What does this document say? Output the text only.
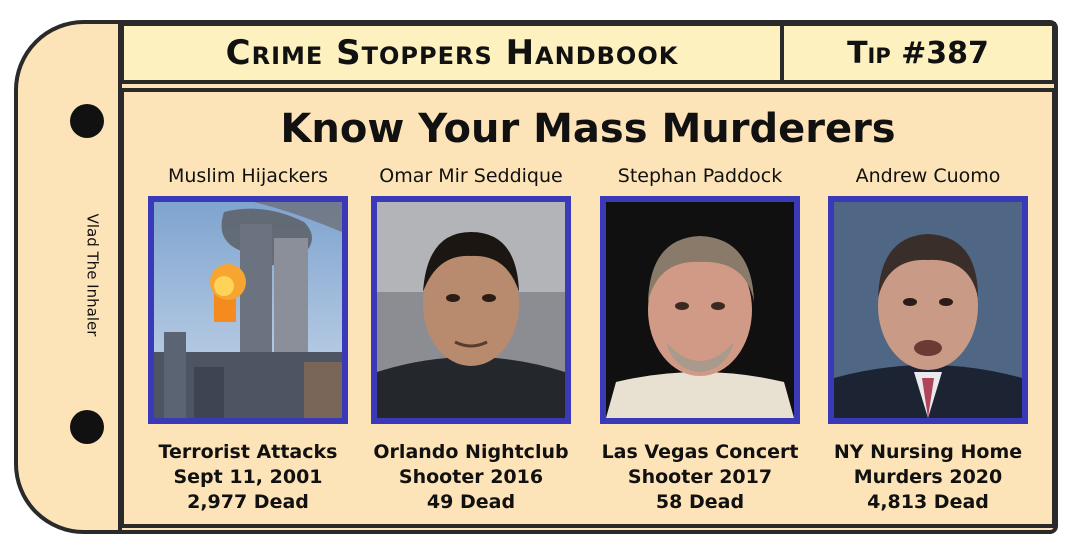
Vlad The Inhaler
Crime Stoppers Handbook	Tip #387
Know Your Mass Murderers
Muslim Hijackers
Terrorist Attacks
Sept 11, 2001
2,977 Dead
Omar Mir Seddique
Orlando Nightclub
Shooter 2016
49 Dead
Stephan Paddock
Las Vegas Concert
Shooter 2017
58 Dead
Andrew Cuomo
NY Nursing Home
Murders 2020
4,813 Dead
